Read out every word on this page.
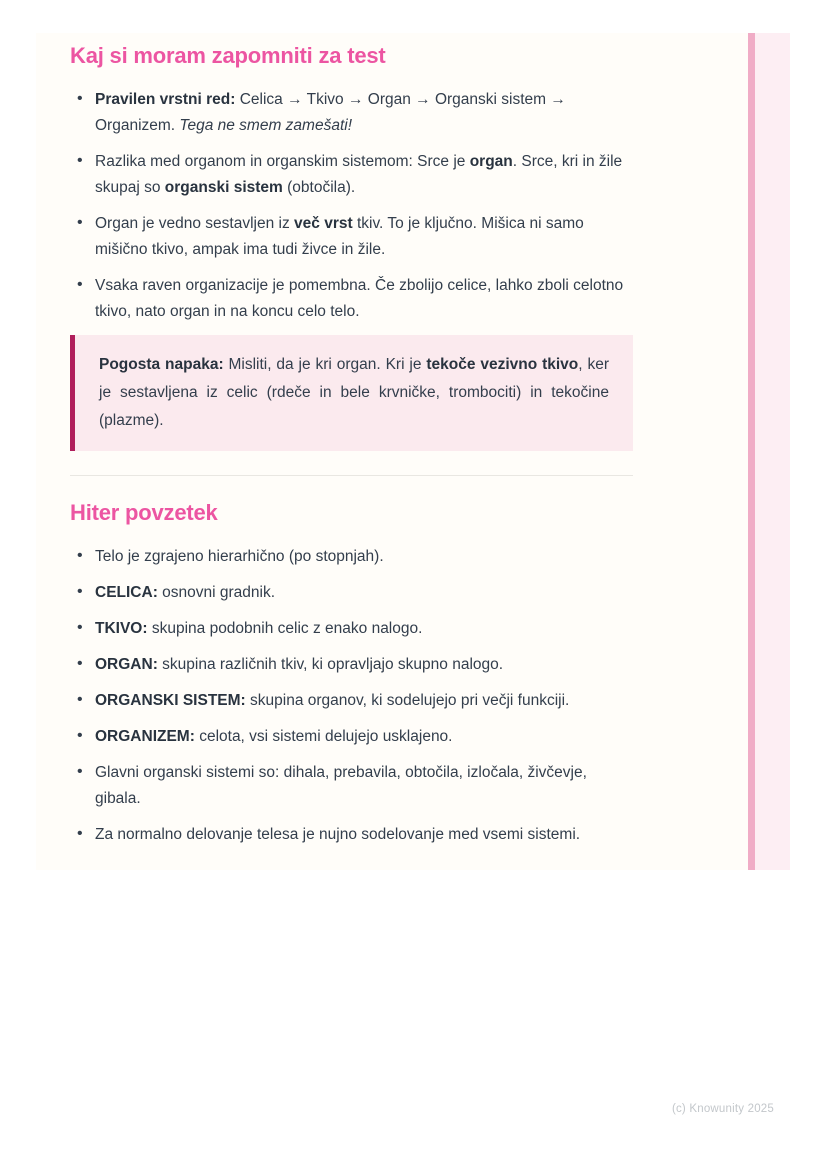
Kaj si moram zapomniti za test
• Pravilen vrstni red: Celica → Tkivo → Organ → Organski sistem → Organizem. Tega ne smem zamešati!
• Razlika med organom in organskim sistemom: Srce je organ. Srce, kri in žile skupaj so organski sistem (obtočila).
• Organ je vedno sestavljen iz več vrst tkiv. To je ključno. Mišica ni samo mišično tkivo, ampak ima tudi živce in žile.
• Vsaka raven organizacije je pomembna. Če zbolijo celice, lahko zboli celotno tkivo, nato organ in na koncu celo telo.

Pogosta napaka: Misliti, da je kri organ. Kri je tekoče vezivno tkivo, ker je sestavljena iz celic (rdeče in bele krvničke, trombociti) in tekočine (plazme).

Hiter povzetek
• Telo je zgrajeno hierarhično (po stopnjah).
• CELICA: osnovni gradnik.
• TKIVO: skupina podobnih celic z enako nalogo.
• ORGAN: skupina različnih tkiv, ki opravljajo skupno nalogo.
• ORGANSKI SISTEM: skupina organov, ki sodelujejo pri večji funkciji.
• ORGANIZEM: celota, vsi sistemi delujejo usklajeno.
• Glavni organski sistemi so: dihala, prebavila, obtočila, izločala, živčevje, gibala.
• Za normalno delovanje telesa je nujno sodelovanje med vsemi sistemi.
(c) Knowunity 2025
